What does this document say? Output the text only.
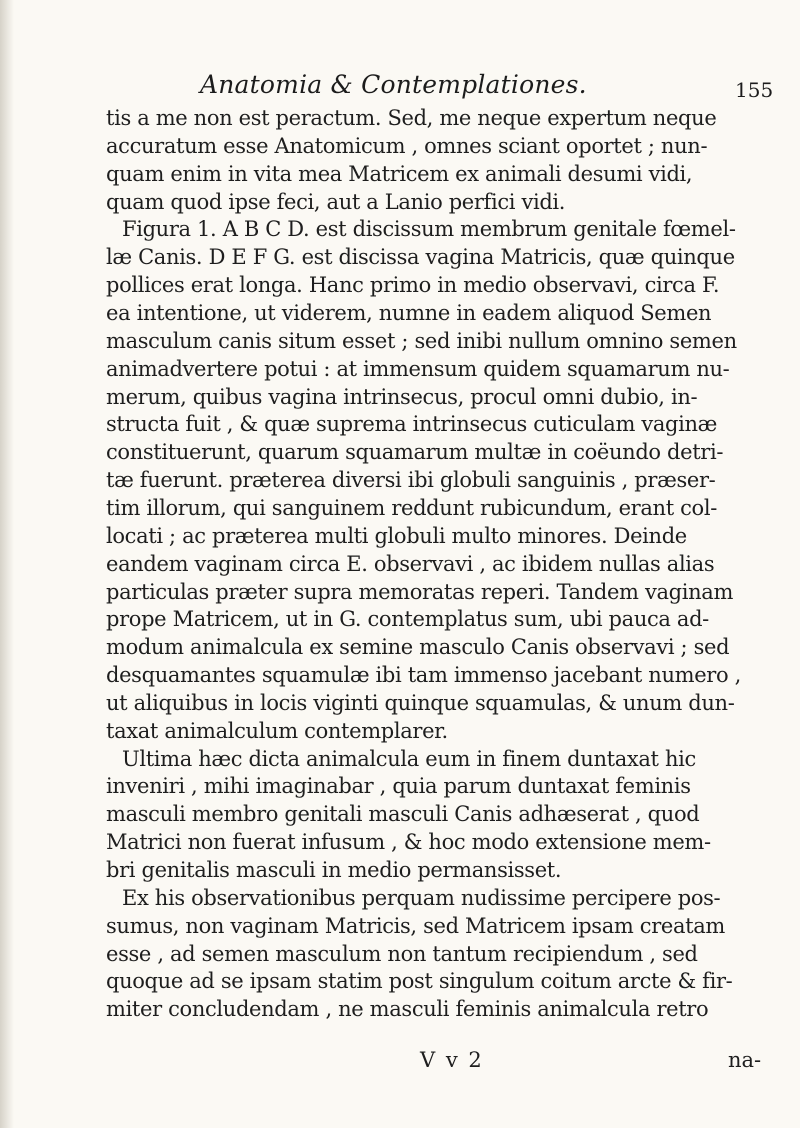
Anatomia & Contemplationes.	155
tis a me non est peractum. Sed, me neque expertum neque
accuratum esse Anatomicum , omnes sciant oportet ; nun-
quam enim in vita mea Matricem ex animali desumi vidi,
quam quod ipse feci, aut a Lanio perfici vidi.
Figura 1. A B C D. est discissum membrum genitale fœmel-
læ Canis. D E F G. est discissa vagina Matricis, quæ quinque
pollices erat longa. Hanc primo in medio observavi, circa F.
ea intentione, ut viderem, numne in eadem aliquod Semen
masculum canis situm esset ; sed inibi nullum omnino semen
animadvertere potui : at immensum quidem squamarum nu-
merum, quibus vagina intrinsecus, procul omni dubio, in-
structa fuit , & quæ suprema intrinsecus cuticulam vaginæ
constituerunt, quarum squamarum multæ in coëundo detri-
tæ fuerunt. præterea diversi ibi globuli sanguinis , præser-
tim illorum, qui sanguinem reddunt rubicundum, erant col-
locati ; ac præterea multi globuli multo minores. Deinde
eandem vaginam circa E. observavi , ac ibidem nullas alias
particulas præter supra memoratas reperi. Tandem vaginam
prope Matricem, ut in G. contemplatus sum, ubi pauca ad-
modum animalcula ex semine masculo Canis observavi ; sed
desquamantes squamulæ ibi tam immenso jacebant numero ,
ut aliquibus in locis viginti quinque squamulas, & unum dun-
taxat animalculum contemplarer.
Ultima hæc dicta animalcula eum in finem duntaxat hic
inveniri , mihi imaginabar , quia parum duntaxat feminis
masculi membro genitali masculi Canis adhæserat , quod
Matrici non fuerat infusum , & hoc modo extensione mem-
bri genitalis masculi in medio permansisset.
Ex his observationibus perquam nudissime percipere pos-
sumus, non vaginam Matricis, sed Matricem ipsam creatam
esse , ad semen masculum non tantum recipiendum , sed
quoque ad se ipsam statim post singulum coitum arcte & fir-
miter concludendam , ne masculi feminis animalcula retro
V v 2	na-
